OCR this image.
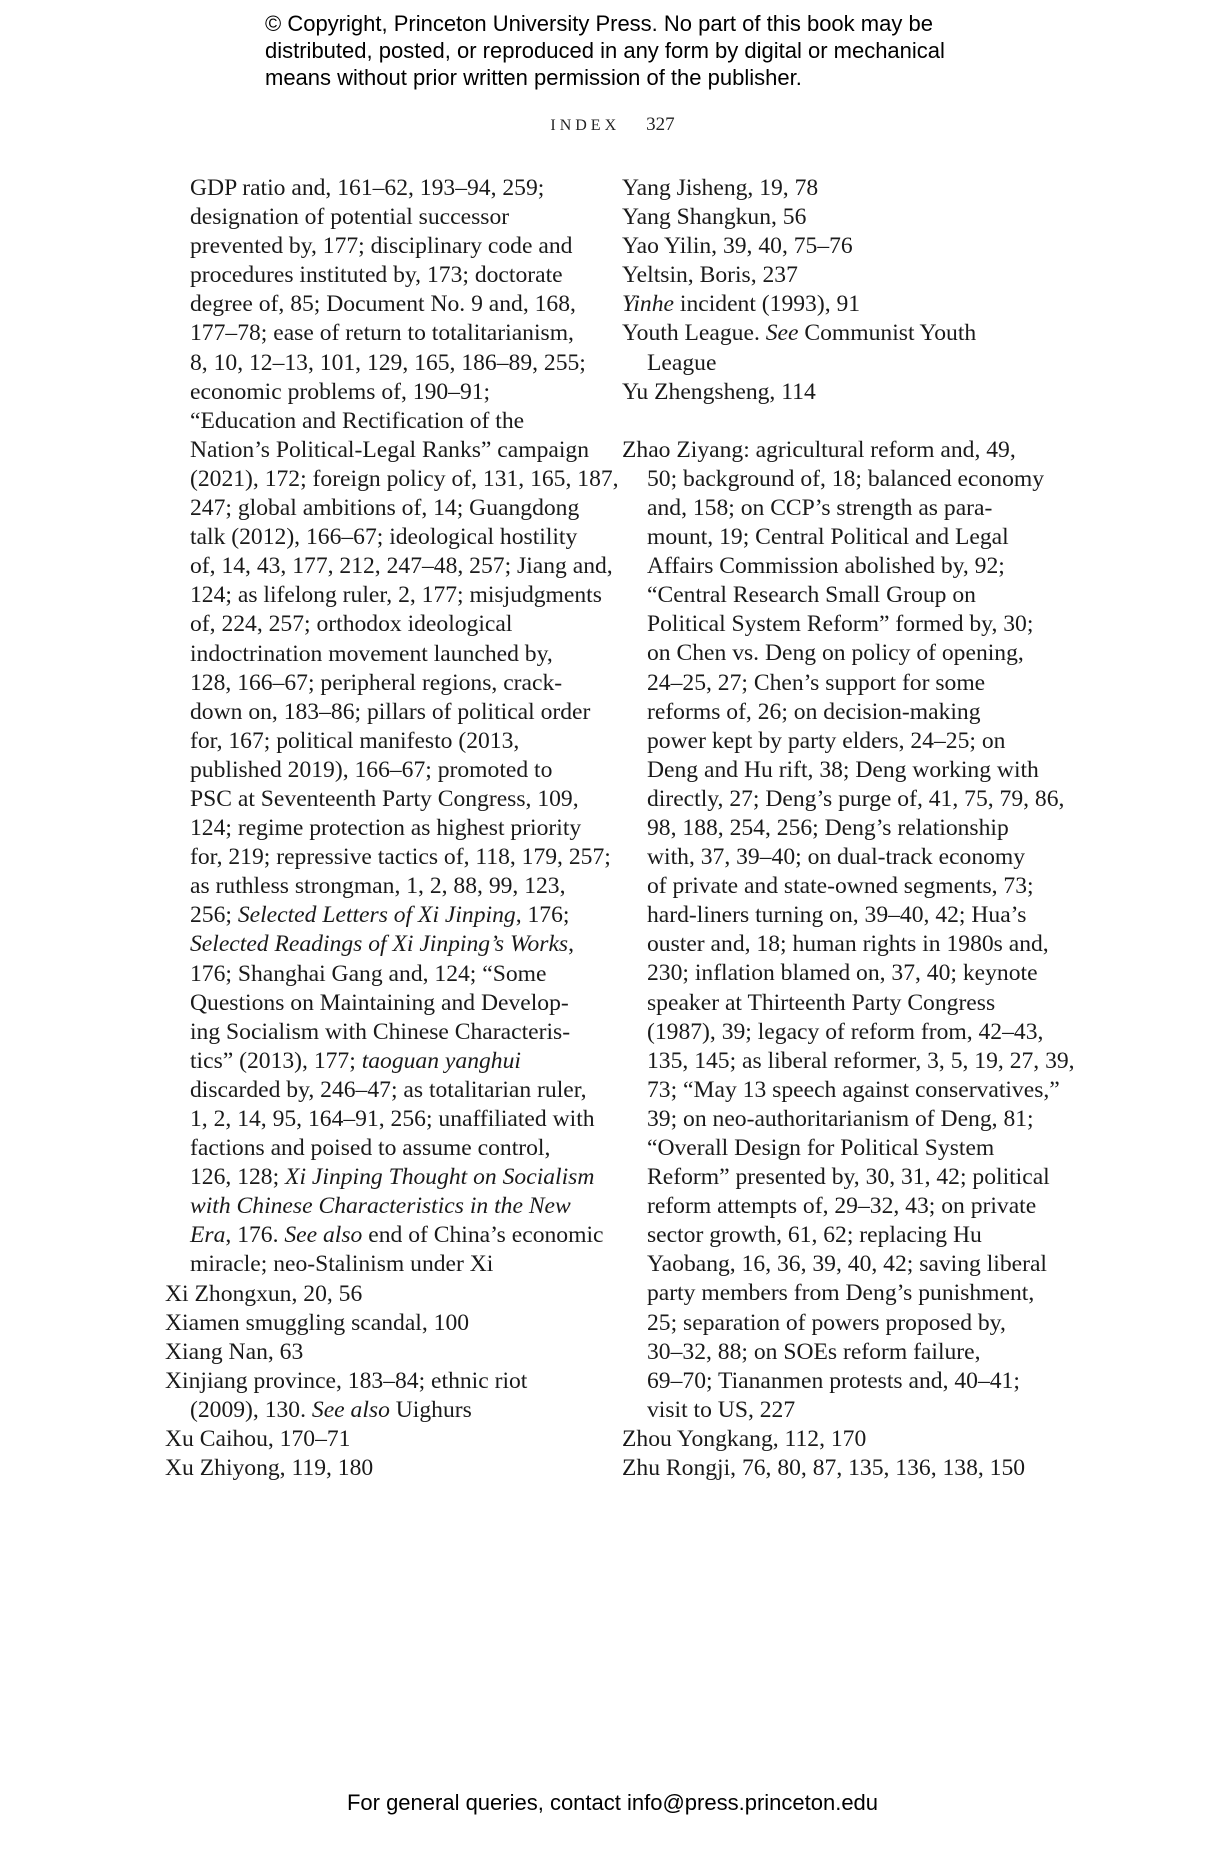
© Copyright, Princeton University Press. No part of this book may be
distributed, posted, or reproduced in any form by digital or mechanical
means without prior written permission of the publisher.
INDEX 327
GDP ratio and, 161–62, 193–94, 259;
designation of potential successor
prevented by, 177; disciplinary code and
procedures instituted by, 173; doctorate
degree of, 85; Document No. 9 and, 168,
177–78; ease of return to totalitarianism,
8, 10, 12–13, 101, 129, 165, 186–89, 255;
economic problems of, 190–91;
“Education and Rectification of the
Nation’s Political-Legal Ranks” campaign
(2021), 172; foreign policy of, 131, 165, 187,
247; global ambitions of, 14; Guangdong
talk (2012), 166–67; ideological hostility
of, 14, 43, 177, 212, 247–48, 257; Jiang and,
124; as lifelong ruler, 2, 177; misjudgments
of, 224, 257; orthodox ideological
indoctrination movement launched by,
128, 166–67; peripheral regions, crack-
down on, 183–86; pillars of political order
for, 167; political manifesto (2013,
published 2019), 166–67; promoted to
PSC at Seventeenth Party Congress, 109,
124; regime protection as highest priority
for, 219; repressive tactics of, 118, 179, 257;
as ruthless strongman, 1, 2, 88, 99, 123,
256; Selected Letters of Xi Jinping, 176;
Selected Readings of Xi Jinping’s Works,
176; Shanghai Gang and, 124; “Some
Questions on Maintaining and Develop-
ing Socialism with Chinese Characteris-
tics” (2013), 177; taoguan yanghui
discarded by, 246–47; as totalitarian ruler,
1, 2, 14, 95, 164–91, 256; unaffiliated with
factions and poised to assume control,
126, 128; Xi Jinping Thought on Socialism
with Chinese Characteristics in the New
Era, 176. See also end of China’s economic
miracle; neo-Stalinism under Xi
Xi Zhongxun, 20, 56
Xiamen smuggling scandal, 100
Xiang Nan, 63
Xinjiang province, 183–84; ethnic riot
(2009), 130. See also Uighurs
Xu Caihou, 170–71
Xu Zhiyong, 119, 180
Yang Jisheng, 19, 78
Yang Shangkun, 56
Yao Yilin, 39, 40, 75–76
Yeltsin, Boris, 237
Yinhe incident (1993), 91
Youth League. See Communist Youth
League
Yu Zhengsheng, 114
Zhao Ziyang: agricultural reform and, 49,
50; background of, 18; balanced economy
and, 158; on CCP’s strength as para-
mount, 19; Central Political and Legal
Affairs Commission abolished by, 92;
“Central Research Small Group on
Political System Reform” formed by, 30;
on Chen vs. Deng on policy of opening,
24–25, 27; Chen’s support for some
reforms of, 26; on decision-making
power kept by party elders, 24–25; on
Deng and Hu rift, 38; Deng working with
directly, 27; Deng’s purge of, 41, 75, 79, 86,
98, 188, 254, 256; Deng’s relationship
with, 37, 39–40; on dual-track economy
of private and state-owned segments, 73;
hard-liners turning on, 39–40, 42; Hua’s
ouster and, 18; human rights in 1980s and,
230; inflation blamed on, 37, 40; keynote
speaker at Thirteenth Party Congress
(1987), 39; legacy of reform from, 42–43,
135, 145; as liberal reformer, 3, 5, 19, 27, 39,
73; “May 13 speech against conservatives,”
39; on neo-authoritarianism of Deng, 81;
“Overall Design for Political System
Reform” presented by, 30, 31, 42; political
reform attempts of, 29–32, 43; on private
sector growth, 61, 62; replacing Hu
Yaobang, 16, 36, 39, 40, 42; saving liberal
party members from Deng’s punishment,
25; separation of powers proposed by,
30–32, 88; on SOEs reform failure,
69–70; Tiananmen protests and, 40–41;
visit to US, 227
Zhou Yongkang, 112, 170
Zhu Rongji, 76, 80, 87, 135, 136, 138, 150
For general queries, contact info@press.princeton.edu
